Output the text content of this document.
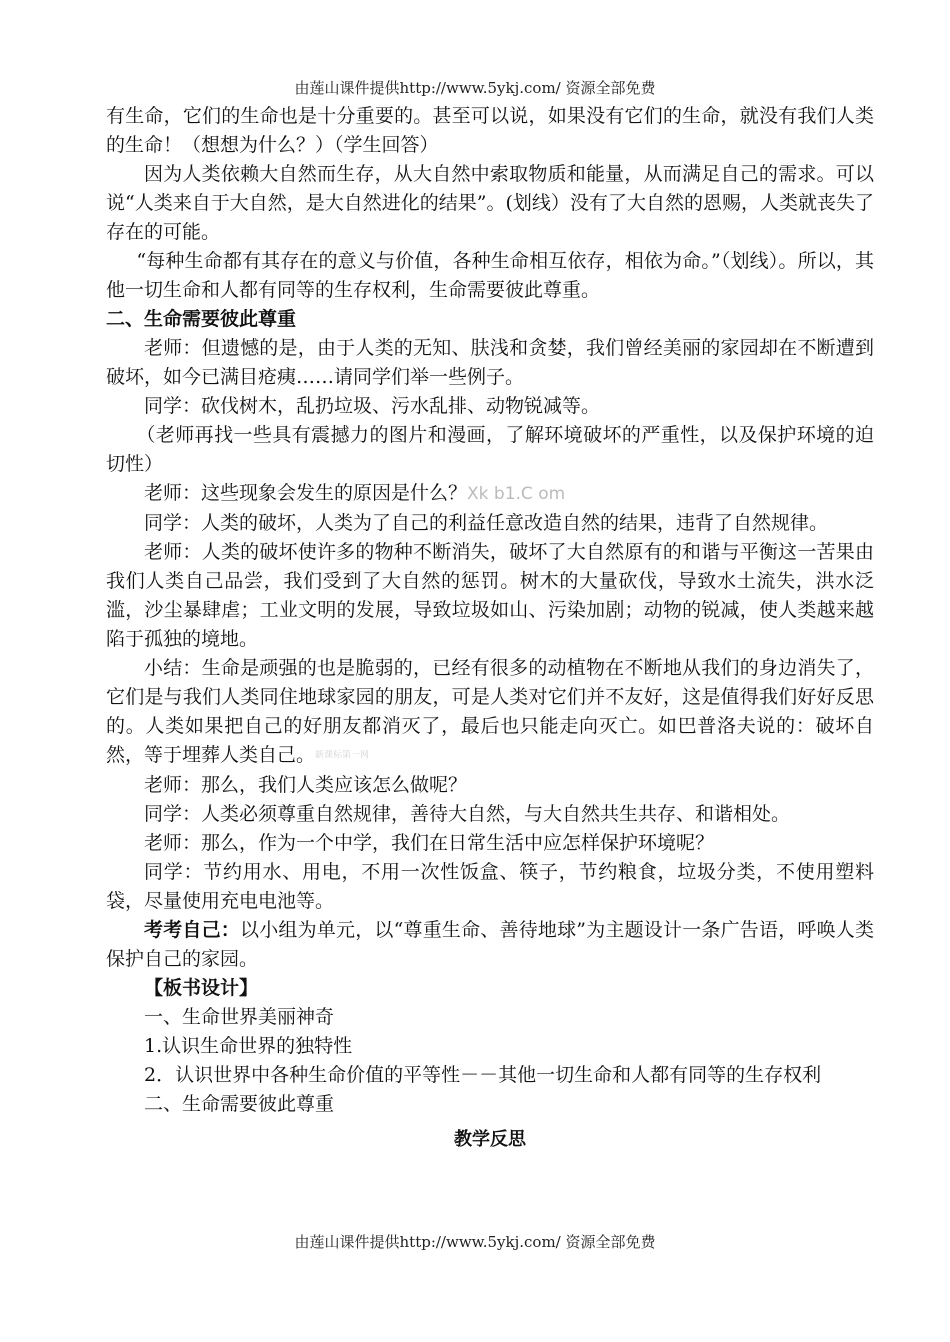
由莲山课件提供http://www.5ykj.com/ 资源全部免费

有生命，它们的生命也是十分重要的。甚至可以说，如果没有它们的生命，就没有我们人类的生命！（想想为什么？）（学生回答）

因为人类依赖大自然而生存，从大自然中索取物质和能量，从而满足自己的需求。可以说“人类来自于大自然，是大自然进化的结果”。(划线）没有了大自然的恩赐，人类就丧失了存在的可能。

“每种生命都有其存在的意义与价值，各种生命相互依存，相依为命。”（划线）。所以，其他一切生命和人都有同等的生存权利，生命需要彼此尊重。

二、生命需要彼此尊重

老师：但遗憾的是，由于人类的无知、肤浅和贪婪，我们曾经美丽的家园却在不断遭到破坏，如今已满目疮痍……请同学们举一些例子。

同学：砍伐树木，乱扔垃圾、污水乱排、动物锐减等。

（老师再找一些具有震撼力的图片和漫画，了解环境破坏的严重性，以及保护环境的迫切性）

老师：这些现象会发生的原因是什么？Xk b1.C om

同学：人类的破坏，人类为了自己的利益任意改造自然的结果，违背了自然规律。

老师：人类的破坏使许多的物种不断消失，破坏了大自然原有的和谐与平衡这一苦果由我们人类自己品尝，我们受到了大自然的惩罚。树木的大量砍伐，导致水土流失，洪水泛滥，沙尘暴肆虐；工业文明的发展，导致垃圾如山、污染加剧；动物的锐减，使人类越来越陷于孤独的境地。

小结：生命是顽强的也是脆弱的，已经有很多的动植物在不断地从我们的身边消失了，它们是与我们人类同住地球家园的朋友，可是人类对它们并不友好，这是值得我们好好反思的。人类如果把自己的好朋友都消灭了，最后也只能走向灭亡。如巴普洛夫说的：破坏自然，等于埋葬人类自己。新课标第一网

老师：那么，我们人类应该怎么做呢？

同学：人类必须尊重自然规律，善待大自然，与大自然共生共存、和谐相处。

老师：那么，作为一个中学，我们在日常生活中应怎样保护环境呢？

同学：节约用水、用电，不用一次性饭盒、筷子，节约粮食，垃圾分类，不使用塑料袋，尽量使用充电电池等。

考考自己：以小组为单元，以“尊重生命、善待地球”为主题设计一条广告语，呼唤人类保护自己的家园。

【板书设计】

一、生命世界美丽神奇

1.认识生命世界的独特性

2．认识世界中各种生命价值的平等性－－其他一切生命和人都有同等的生存权利

二、生命需要彼此尊重

教学反思

由莲山课件提供http://www.5ykj.com/ 资源全部免费
